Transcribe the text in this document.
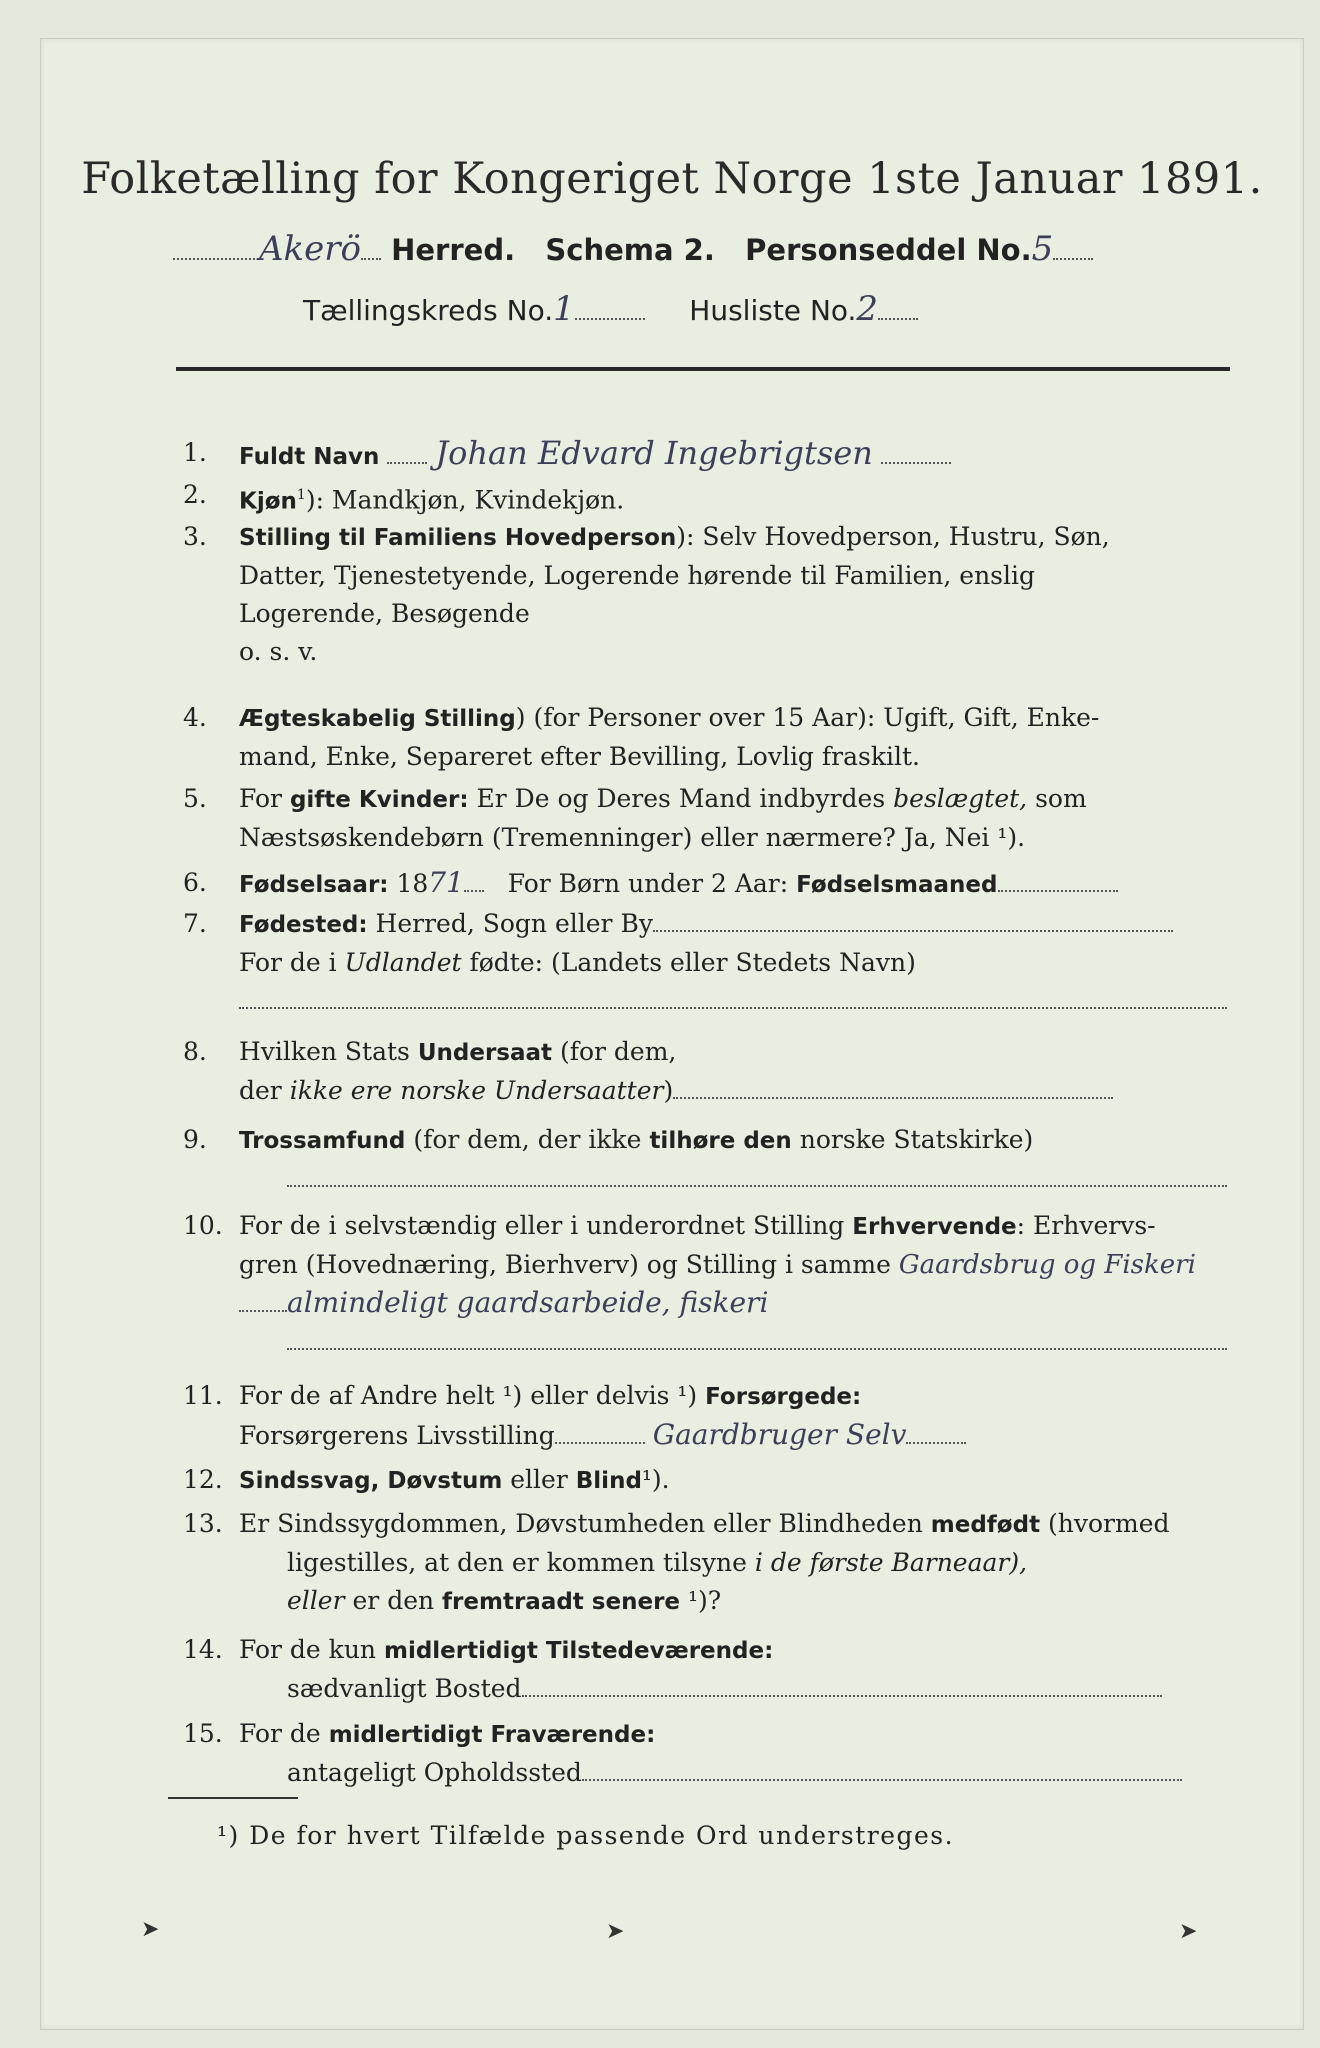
Folketælling for Kongeriget Norge 1ste Januar 1891.
Akerö Herred. Schema 2. Personseddel No.5
Tællingskreds No.1	Husliste No.2
1.	Fuldt Navn Johan Edvard Ingebrigtsen
2.	Kjøn$^1$): Mandkjøn, Kvindekjøn.
3.	Stilling til Familiens Hovedperson): Selv Hovedperson, Hustru, Søn,
Datter, Tjenestetyende, Logerende hørende til Familien, enslig
Logerende, Besøgende
o. s. v.
4.	Ægteskabelig Stilling) (for Personer over 15 Aar): Ugift, Gift, Enke-
mand, Enke, Separeret efter Bevilling, Lovlig fraskilt.
5.	For gifte Kvinder: Er De og Deres Mand indbyrdes beslægtet, som
Næstsøskendebørn (Tremenninger) eller nærmere? Ja, Nei ¹).
6.	Fødselsaar: 1871 For Børn under 2 Aar: Fødselsmaaned
7.	Fødested: Herred, Sogn eller By
For de i Udlandet fødte: (Landets eller Stedets Navn)

8.	Hvilken Stats Undersaat (for dem,
der ikke ere norske Undersaatter)
9.	Trossamfund (for dem, der ikke tilhøre den norske Statskirke)

10. For de i selvstændig eller i underordnet Stilling Erhvervende: Erhvervs-
gren (Hovednæring, Bierhverv) og Stilling i samme Gaardsbrug og Fiskeri
almindeligt gaardsarbeide, fiskeri

11. For de af Andre helt ¹) eller delvis ¹) Forsørgede:
Forsørgerens Livsstilling	Gaardbruger Selv
12. Sindssvag, Døvstum eller Blind¹).
13. Er Sindssygdommen, Døvstumheden eller Blindheden medfødt (hvormed
ligestilles, at den er kommen tilsyne i de første Barneaar),
eller er den fremtraadt senere ¹)?
14. For de kun midlertidigt Tilstedeværende:
sædvanligt Bosted
15. For de midlertidigt Fraværende:
antageligt Opholdssted
¹) De for hvert Tilfælde passende Ord understreges.
➤	➤	➤
